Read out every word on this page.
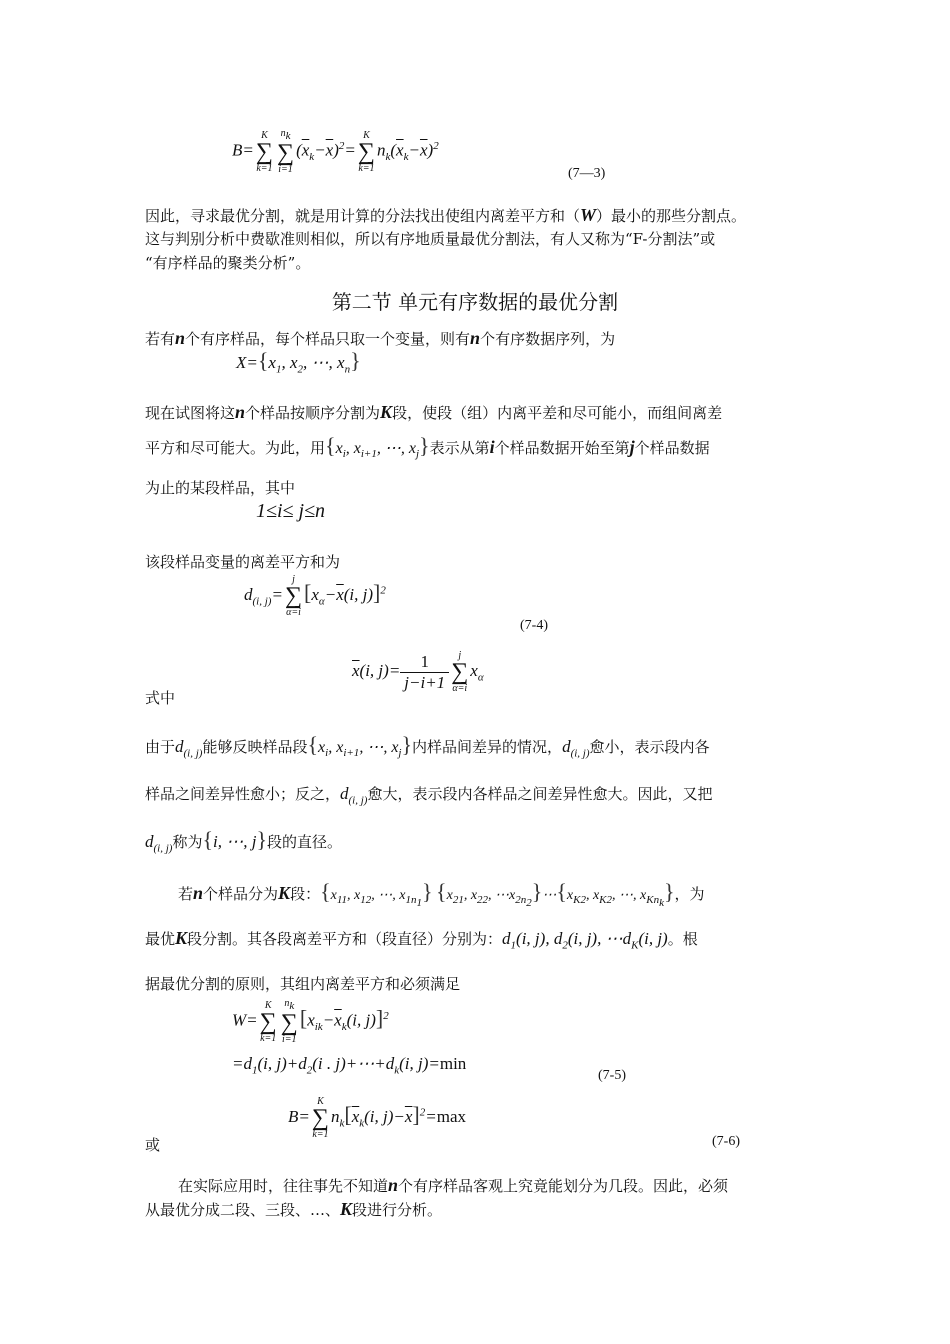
B=
K
∑
k=1
$n_k$
∑
i=1
$(\overline{x}_k-\overline{x})^2=$
K
∑
k=1
$n_k(\overline{x}_k-\overline{x})^2$
(7—3)
因此，寻求最优分割，就是用计算的分法找出使组内离差平方和（W）最小的那些分割点。
这与判别分析中费歇准则相似，所以有序地质量最优分割法，有人又称为“F-分割法”或
“有序样品的聚类分析”。
第二节 单元有序数据的最优分割
若有n个有序样品，每个样品只取一个变量，则有n个有序数据序列，为
$X=\{x_1$, $x_2$, ⋯, $x_n$}
现在试图将这n个样品按顺序分割为K段，使段（组）内离平差和尽可能小，而组间离差
平方和尽可能大。为此，用{$x_i$, $x_{i+1}$, ⋯, $x_j$}表示从第i个样品数据开始至第j个样品数据
为止的某段样品，其中
1≤i≤ j≤n
该段样品变量的离差平方和为
$d_{(i, j)}=$
j
∑
α=i
[$x_\alpha-\overline{x}(i$, j)]$^2$
(7-4)
$\overline{x}(i$, $j)= \frac{1}{j-i+1}$ j
∑
α=i
$x_\alpha$
式中
由于$d_{(i, j)}$能够反映样品段{$x_i$, $x_{i+1}$, ⋯, $x_j$}内样品间差异的情况，$d_{(i, j)}$愈小，表示段内各
样品之间差异性愈小；反之，$d_{(i, j)}$愈大，表示段内各样品之间差异性愈大。因此，又把
$d_{(i, j)}$称为{i, ⋯, j}段的直径。
若n个样品分为K段：{$x_{11}$, $x_{12}$, ⋯, $x_{1n_1}$} {$x_{21}$, $x_{22}$, $\cdots x_{2n_2}\}\cdots\{x_{K2}$, $x_{K2}$, ⋯, $x_{Kn_k}$}，为
最优K段分割。其各段离差平方和（段直径）分别为：$d_1(i$, j), $d_2(i$, j), $\cdots d_K(i$, j)。根
据最优分割的原则，其组内离差平方和必须满足
W=
K
∑
k=1
$n_k$
∑
i=1
[$x_{ik}-\overline{x}_k(i$, j)]$^2$
$=d_1(i$, $j)+d_2(i$ . $j)+\cdots+d_k(i$, j)=min
(7-5)
B=
K
∑
k=1
$n_k[\overline{x}_k(i$, $j)-\overline{x}]^2=\max$
或	(7-6)
在实际应用时，往往事先不知道n个有序样品客观上究竟能划分为几段。因此，必须
从最优分成二段、三段、…、K段进行分析。
